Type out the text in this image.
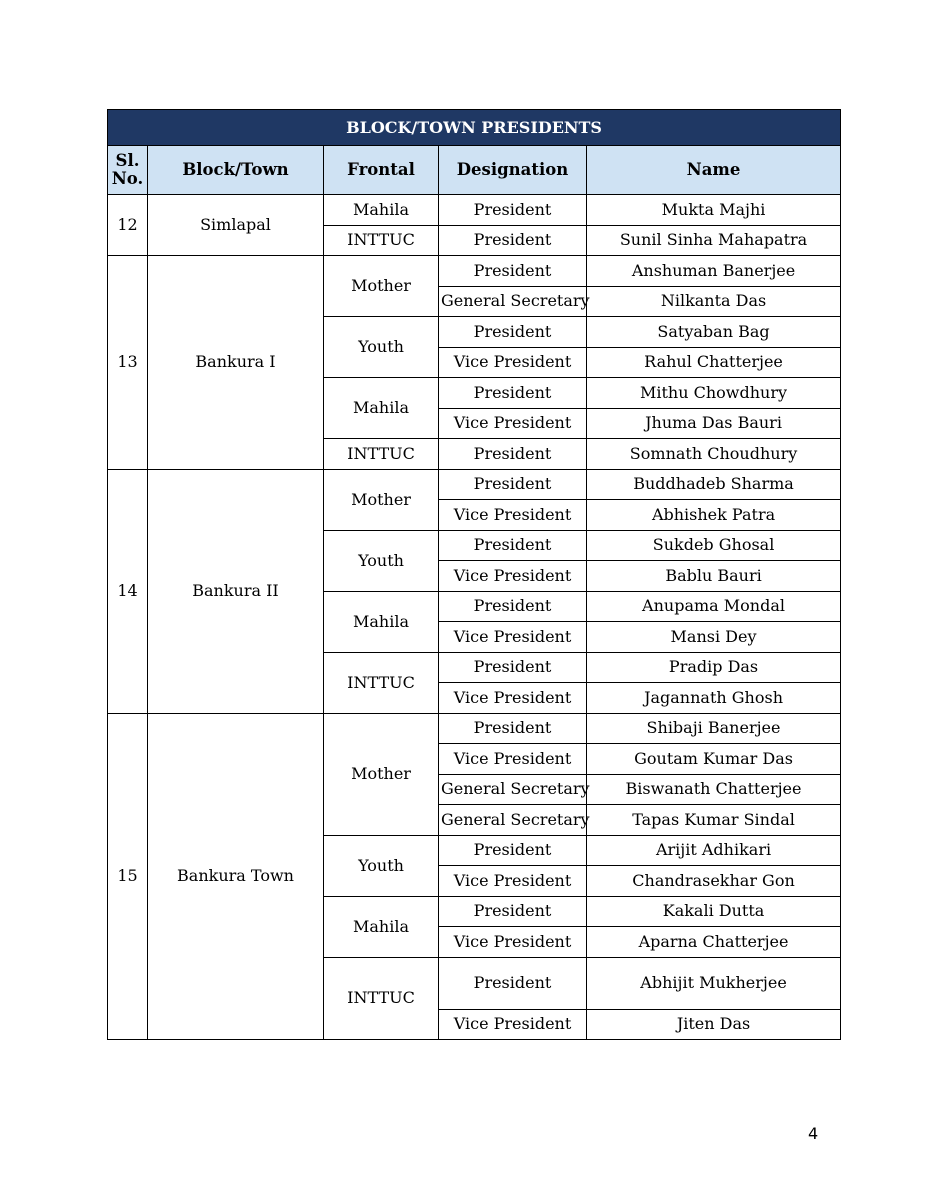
BLOCK/TOWN PRESIDENTS				
Sl. No.	Block/Town	Frontal	Designation	Name
12	Simlapal	Mahila	President	Mukta Majhi
		INTTUC	President	Sunil Sinha Mahapatra
13	Bankura I	Mother	President	Anshuman Banerjee
			General Secretary	Nilkanta Das
		Youth	President	Satyaban Bag
			Vice President	Rahul Chatterjee
		Mahila	President	Mithu Chowdhury
			Vice President	Jhuma Das Bauri
		INTTUC	President	Somnath Choudhury
14	Bankura II	Mother	President	Buddhadeb Sharma
			Vice President	Abhishek Patra
		Youth	President	Sukdeb Ghosal
			Vice President	Bablu Bauri
		Mahila	President	Anupama Mondal
			Vice President	Mansi Dey
		INTTUC	President	Pradip Das
			Vice President	Jagannath Ghosh
15	Bankura Town	Mother	President	Shibaji Banerjee
			Vice President	Goutam Kumar Das
			General Secretary	Biswanath Chatterjee
			General Secretary	Tapas Kumar Sindal
		Youth	President	Arijit Adhikari
			Vice President	Chandrasekhar Gon
		Mahila	President	Kakali Dutta
			Vice President	Aparna Chatterjee
		INTTUC	President	Abhijit Mukherjee
			Vice President	Jiten Das
4
